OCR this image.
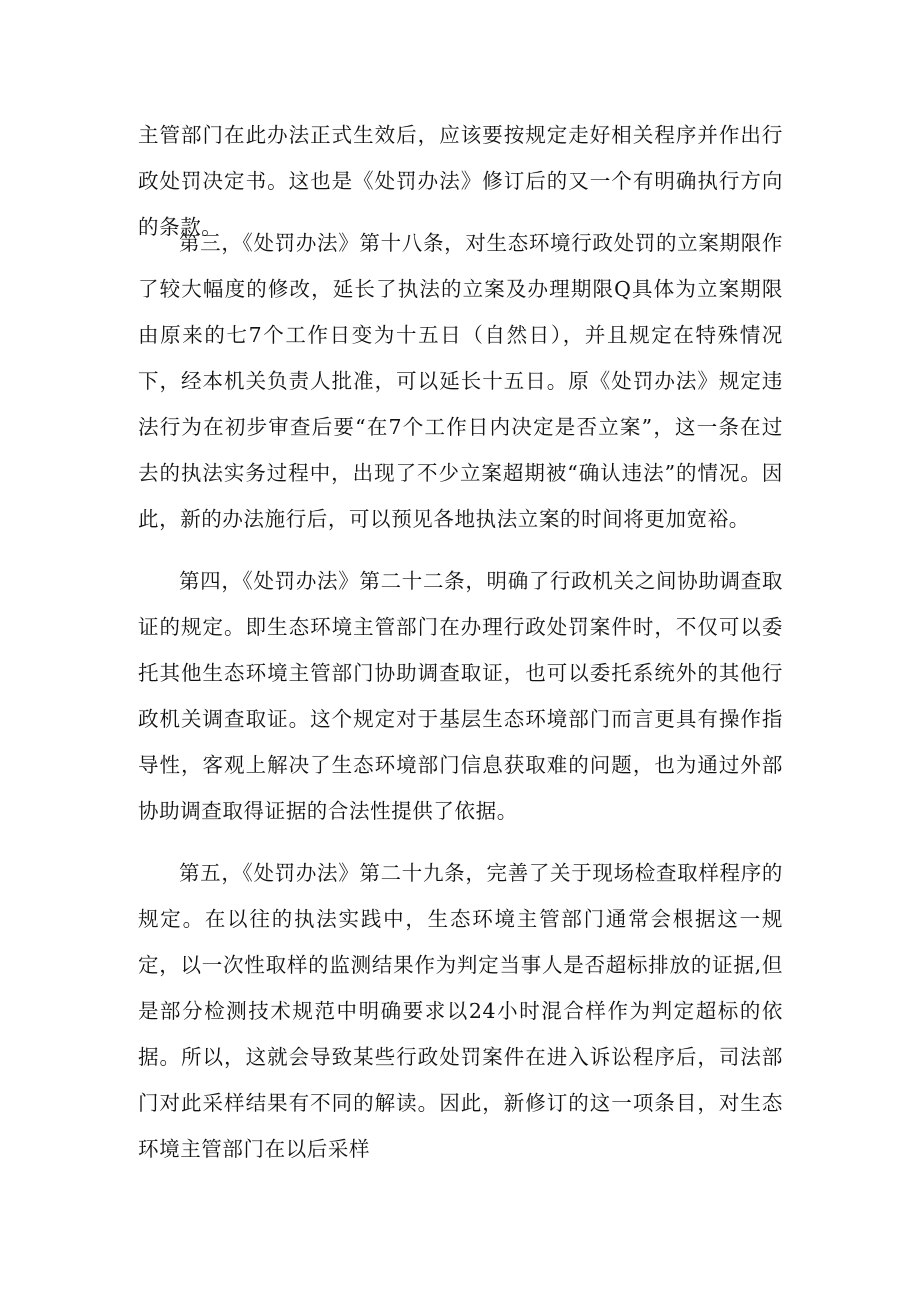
主管部门在此办法正式生效后，应该要按规定走好相关程序并作出行政处罚决定书。这也是《处罚办法》修订后的又一个有明确执行方向的条款。

第三，《处罚办法》第十八条，对生态环境行政处罚的立案期限作了较大幅度的修改，延长了执法的立案及办理期限Q具体为立案期限由原来的七7个工作日变为十五日（自然日），并且规定在特殊情况下，经本机关负责人批准，可以延长十五日。原《处罚办法》规定违法行为在初步审查后要“在7个工作日内决定是否立案”，这一条在过去的执法实务过程中，出现了不少立案超期被“确认违法”的情况。因此，新的办法施行后，可以预见各地执法立案的时间将更加宽裕。

第四，《处罚办法》第二十二条，明确了行政机关之间协助调查取证的规定。即生态环境主管部门在办理行政处罚案件时，不仅可以委托其他生态环境主管部门协助调查取证，也可以委托系统外的其他行政机关调查取证。这个规定对于基层生态环境部门而言更具有操作指导性，客观上解决了生态环境部门信息获取难的问题，也为通过外部协助调查取得证据的合法性提供了依据。

第五，《处罚办法》第二十九条，完善了关于现场检查取样程序的规定。在以往的执法实践中，生态环境主管部门通常会根据这一规定，以一次性取样的监测结果作为判定当事人是否超标排放的证据,但是部分检测技术规范中明确要求以24小时混合样作为判定超标的依据。所以，这就会导致某些行政处罚案件在进入诉讼程序后，司法部门对此采样结果有不同的解读。因此，新修订的这一项条目，对生态环境主管部门在以后采样
